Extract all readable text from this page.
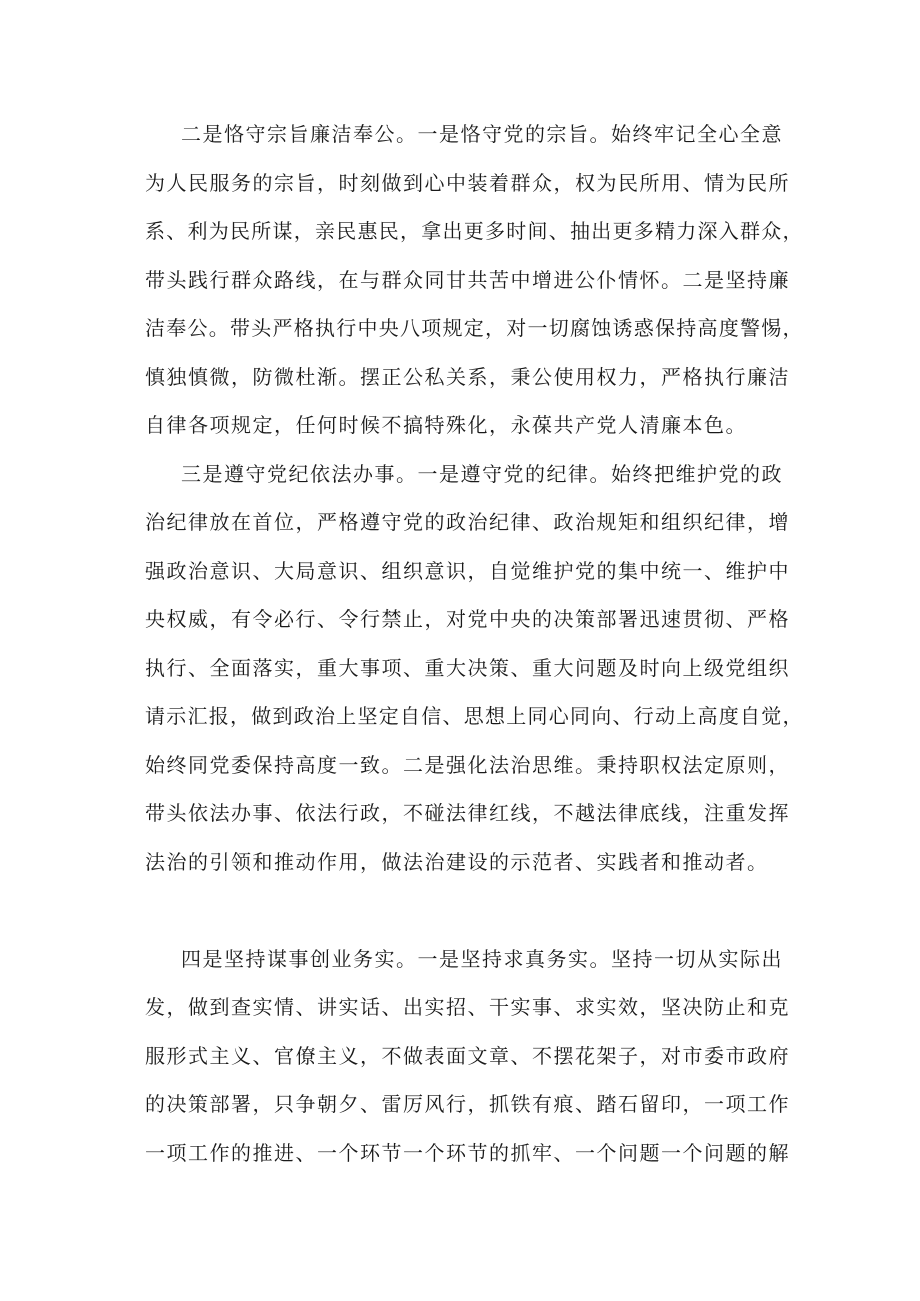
二是恪守宗旨廉洁奉公。一是恪守党的宗旨。始终牢记全心全意
为人民服务的宗旨，时刻做到心中装着群众，权为民所用、情为民所
系、利为民所谋，亲民惠民，拿出更多时间、抽出更多精力深入群众，
带头践行群众路线，在与群众同甘共苦中增进公仆情怀。二是坚持廉
洁奉公。带头严格执行中央八项规定，对一切腐蚀诱惑保持高度警惕，
慎独慎微，防微杜渐。摆正公私关系，秉公使用权力，严格执行廉洁
自律各项规定，任何时候不搞特殊化，永葆共产党人清廉本色。
三是遵守党纪依法办事。一是遵守党的纪律。始终把维护党的政
治纪律放在首位，严格遵守党的政治纪律、政治规矩和组织纪律，增
强政治意识、大局意识、组织意识，自觉维护党的集中统一、维护中
央权威，有令必行、令行禁止，对党中央的决策部署迅速贯彻、严格
执行、全面落实，重大事项、重大决策、重大问题及时向上级党组织
请示汇报，做到政治上坚定自信、思想上同心同向、行动上高度自觉，
始终同党委保持高度一致。二是强化法治思维。秉持职权法定原则，
带头依法办事、依法行政，不碰法律红线，不越法律底线，注重发挥
法治的引领和推动作用，做法治建设的示范者、实践者和推动者。
四是坚持谋事创业务实。一是坚持求真务实。坚持一切从实际出
发，做到查实情、讲实话、出实招、干实事、求实效，坚决防止和克
服形式主义、官僚主义，不做表面文章、不摆花架子，对市委市政府
的决策部署，只争朝夕、雷厉风行，抓铁有痕、踏石留印，一项工作
一项工作的推进、一个环节一个环节的抓牢、一个问题一个问题的解
